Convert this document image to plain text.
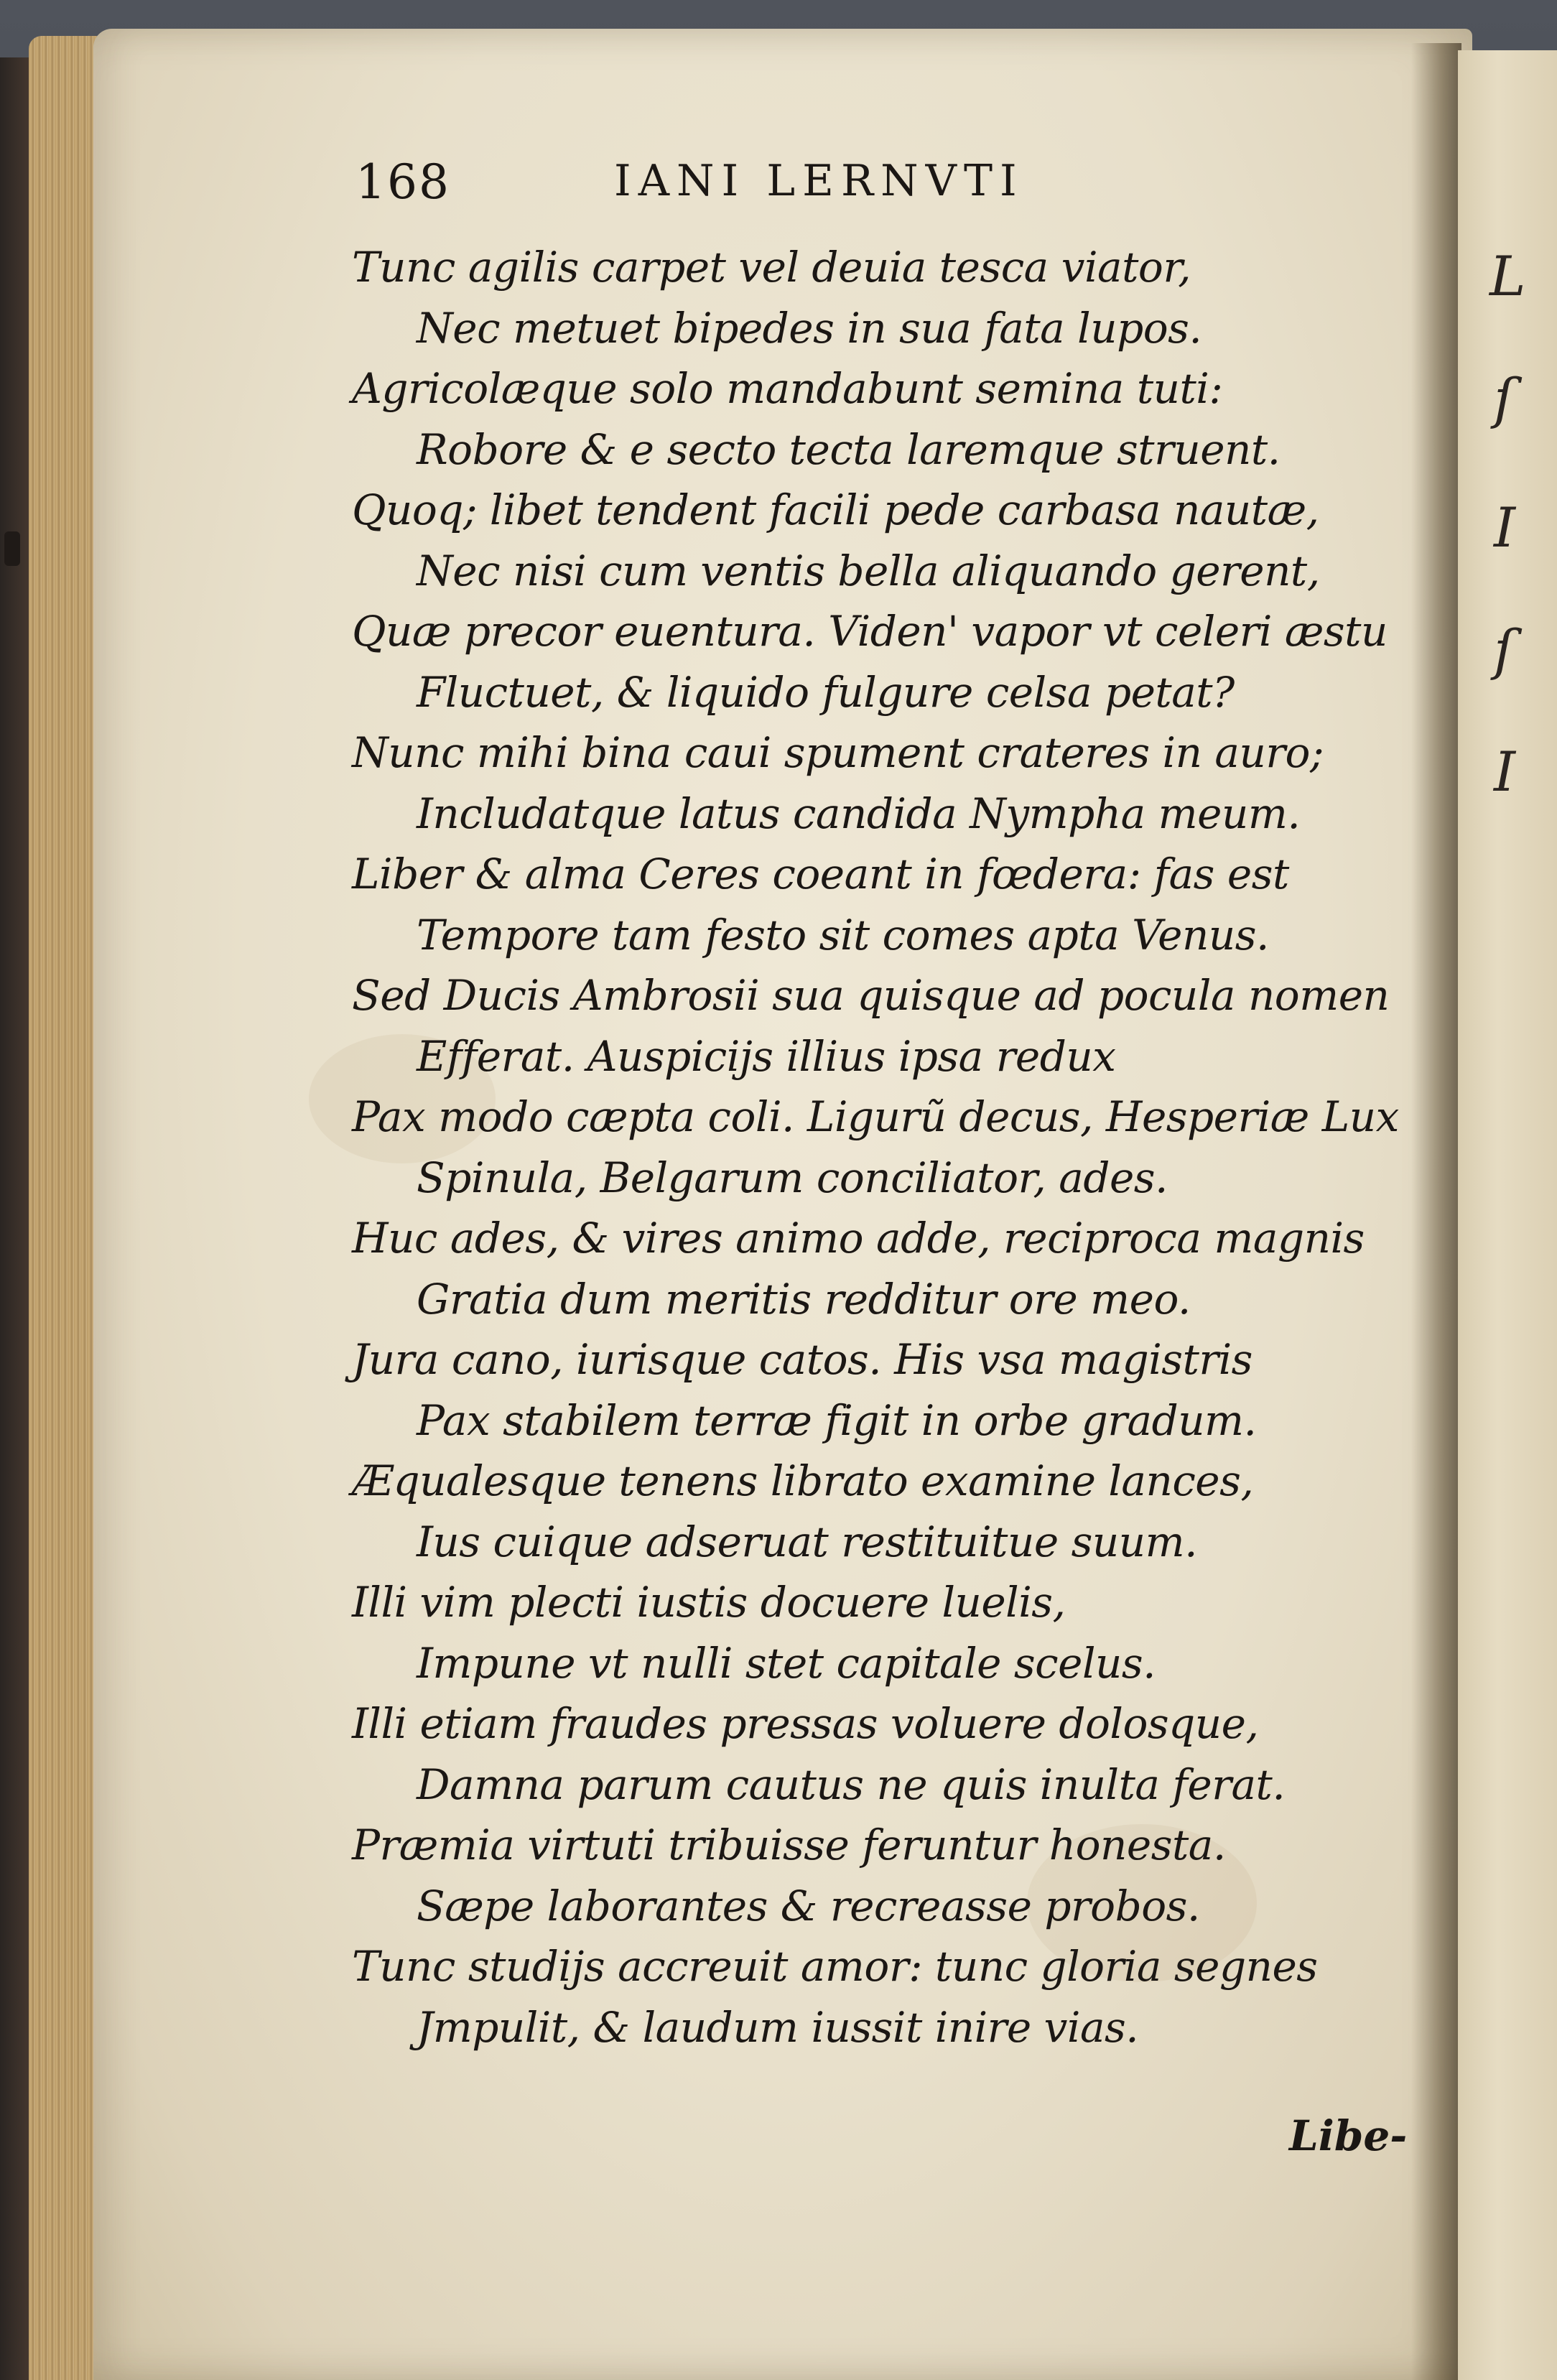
L
ſ
I
ſ
I
168	IANI LERNVTI
Tunc agilis carpet vel deuia tesca viator,
Nec metuet bipedes in sua fata lupos.
Agricolæque solo mandabunt semina tuti:
Robore & e secto tecta laremque struent.
Quoq; libet tendent facili pede carbasa nautæ,
Nec nisi cum ventis bella aliquando gerent,
Quæ precor euentura. Viden' vapor vt celeri æstu
Fluctuet, & liquido fulgure celsa petat?
Nunc mihi bina caui spument crateres in auro;
Includatque latus candida Nympha meum.
Liber & alma Ceres coeant in fœdera: fas est
Tempore tam festo sit comes apta Venus.
Sed Ducis Ambrosii sua quisque ad pocula nomen
Efferat. Auspicijs illius ipsa redux
Pax modo cæpta coli. Ligurũ decus, Hesperiæ Lux
Spinula, Belgarum conciliator, ades.
Huc ades, & vires animo adde, reciproca magnis
Gratia dum meritis redditur ore meo.
Jura cano, iurisque catos. His vsa magistris
Pax stabilem terræ figit in orbe gradum.
Æqualesque tenens librato examine lances,
Ius cuique adseruat restituitue suum.
Illi vim plecti iustis docuere luelis,
Impune vt nulli stet capitale scelus.
Illi etiam fraudes pressas voluere dolosque,
Damna parum cautus ne quis inulta ferat.
Præmia virtuti tribuisse feruntur honesta.
Sæpe laborantes & recreasse probos.
Tunc studijs accreuit amor: tunc gloria segnes
Jmpulit, & laudum iussit inire vias.
Libe-
